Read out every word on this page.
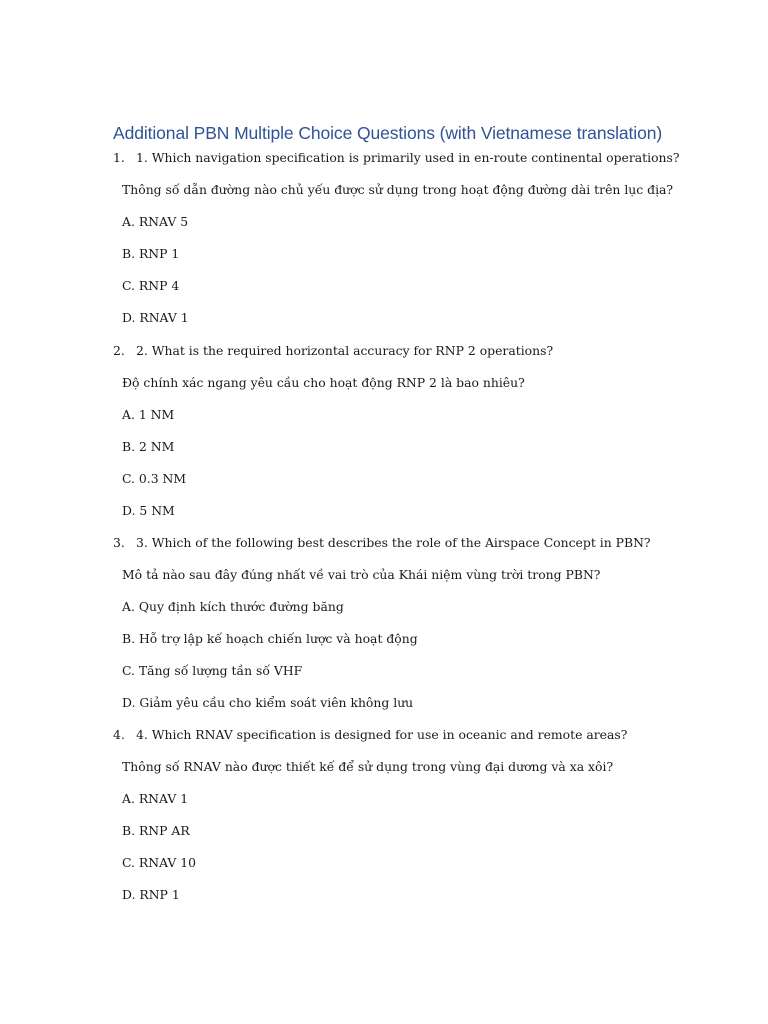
Additional PBN Multiple Choice Questions (with Vietnamese translation)
1. 1. Which navigation specification is primarily used in en-route continental operations?
Thông số dẫn đường nào chủ yếu được sử dụng trong hoạt động đường dài trên lục địa?
A. RNAV 5
B. RNP 1
C. RNP 4
D. RNAV 1
2. 2. What is the required horizontal accuracy for RNP 2 operations?
Độ chính xác ngang yêu cầu cho hoạt động RNP 2 là bao nhiêu?
A. 1 NM
B. 2 NM
C. 0.3 NM
D. 5 NM
3. 3. Which of the following best describes the role of the Airspace Concept in PBN?
Mô tả nào sau đây đúng nhất về vai trò của Khái niệm vùng trời trong PBN?
A. Quy định kích thước đường băng
B. Hỗ trợ lập kế hoạch chiến lược và hoạt động
C. Tăng số lượng tần số VHF
D. Giảm yêu cầu cho kiểm soát viên không lưu
4. 4. Which RNAV specification is designed for use in oceanic and remote areas?
Thông số RNAV nào được thiết kế để sử dụng trong vùng đại dương và xa xôi?
A. RNAV 1
B. RNP AR
C. RNAV 10
D. RNP 1
